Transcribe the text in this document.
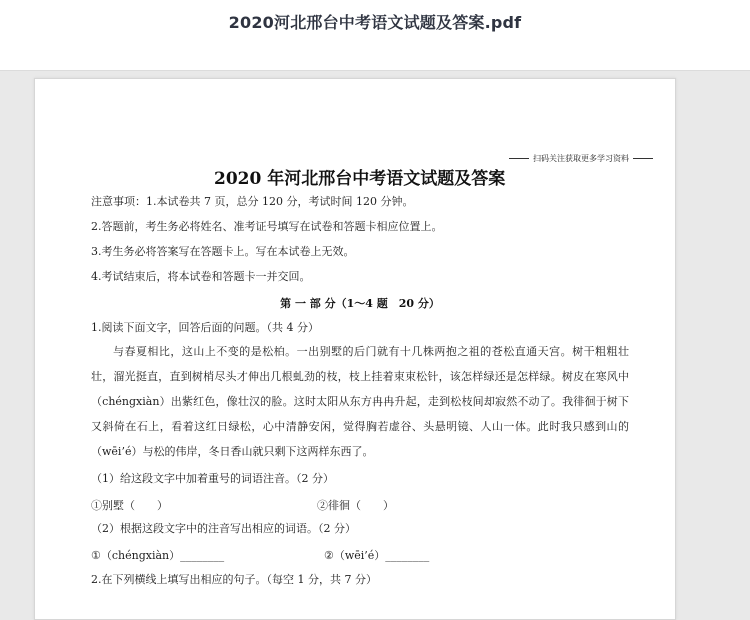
2020河北邢台中考语文试题及答案.pdf
扫码关注获取更多学习资料
2020 年河北邢台中考语文试题及答案
注意事项：1.本试卷共 7 页，总分 120 分，考试时间 120 分钟。
2.答题前，考生务必将姓名、准考证号填写在试卷和答题卡相应位置上。
3.考生务必将答案写在答题卡上。写在本试卷上无效。
4.考试结束后，将本试卷和答题卡一并交回。
第 一 部 分（1～4 题　20 分）
1.阅读下面文字，回答后面的问题。（共 4 分）
与春夏相比，这山上不变的是松柏。一出别墅的后门就有十几株两抱之祖的苍松直通天宫。树干粗粗壮壮，溜光挺直，直到树梢尽头才伸出几根虬劲的枝，枝上挂着束束松针，该怎样绿还是怎样绿。树皮在寒风中（chéngxiàn）出紫红色，像壮汉的脸。这时太阳从东方冉冉升起，走到松枝间却寂然不动了。我徘徊于树下又斜倚在石上，看着这红日绿松，心中清静安闲，觉得胸若虚谷、头悬明镜、人山一体。此时我只感到山的（wēi’é）与松的伟岸，冬日香山就只剩下这两样东西了。
（1）给这段文字中加着重号的词语注音。（2 分）
①别墅（　　）	②徘徊（　　）
（2）根据这段文字中的注音写出相应的词语。（2 分）
①（chéngxiàn）________	②（wēi’é）________
2.在下列横线上填写出相应的句子。（每空 1 分，共 7 分）
